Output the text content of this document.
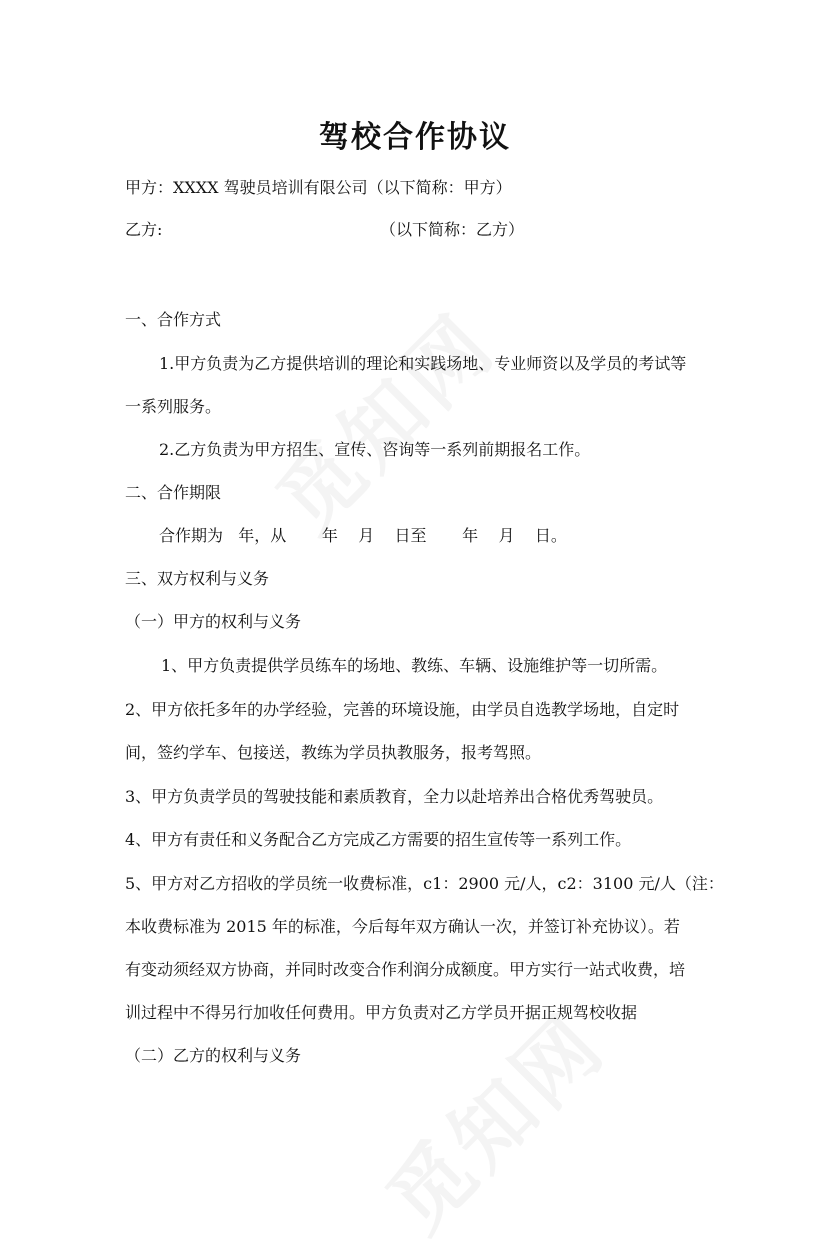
驾校合作协议
甲方：XXXX 驾驶员培训有限公司（以下简称：甲方）
乙方:	（以下简称：乙方）
一、合作方式
1.甲方负责为乙方提供培训的理论和实践场地、专业师资以及学员的考试等
一系列服务。
2.乙方负责为甲方招生、宣传、咨询等一系列前期报名工作。
二、合作期限
合作期为   年，从       年    月    日至       年    月    日。
三、双方权利与义务
（一）甲方的权利与义务
1、甲方负责提供学员练车的场地、教练、车辆、设施维护等一切所需。
2、甲方依托多年的办学经验，完善的环境设施，由学员自选教学场地，自定时
间，签约学车、包接送，教练为学员执教服务，报考驾照。
3、甲方负责学员的驾驶技能和素质教育，全力以赴培养出合格优秀驾驶员。
4、甲方有责任和义务配合乙方完成乙方需要的招生宣传等一系列工作。
5、甲方对乙方招收的学员统一收费标准，c1：2900 元/人，c2：3100 元/人（注：
本收费标准为 2015 年的标准，今后每年双方确认一次，并签订补充协议）。若
有变动须经双方协商，并同时改变合作利润分成额度。甲方实行一站式收费，培
训过程中不得另行加收任何费用。甲方负责对乙方学员开据正规驾校收据
（二）乙方的权利与义务
